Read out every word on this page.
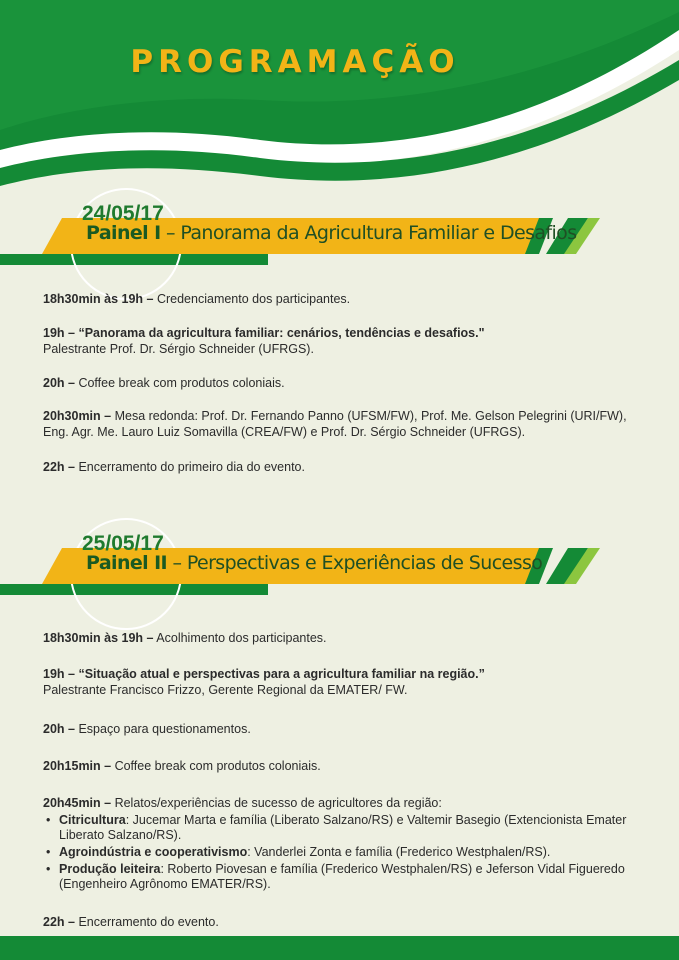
PROGRAMAÇÃO
24/05/17
Painel I – Panorama da Agricultura Familiar e Desafios
18h30min às 19h – Credenciamento dos participantes.
19h – “Panorama da agricultura familiar: cenários, tendências e desafios."
Palestrante Prof. Dr. Sérgio Schneider (UFRGS).
20h – Coffee break com produtos coloniais.
20h30min – Mesa redonda: Prof. Dr. Fernando Panno (UFSM/FW), Prof. Me. Gelson Pelegrini (URI/FW), Eng. Agr. Me. Lauro Luiz Somavilla (CREA/FW) e Prof. Dr. Sérgio Schneider (UFRGS).
22h – Encerramento do primeiro dia do evento.
25/05/17
Painel II – Perspectivas e Experiências de Sucesso
18h30min às 19h – Acolhimento dos participantes.
19h – “Situação atual e perspectivas para a agricultura familiar na região.”
Palestrante Francisco Frizzo, Gerente Regional da EMATER/ FW.
20h – Espaço para questionamentos.
20h15min – Coffee break com produtos coloniais.
20h45min – Relatos/experiências de sucesso de agricultores da região:
• Citricultura: Jucemar Marta e família (Liberato Salzano/RS) e Valtemir Basegio (Extencionista Emater Liberato Salzano/RS).
• Agroindústria e cooperativismo: Vanderlei Zonta e família (Frederico Westphalen/RS).
• Produção leiteira: Roberto Piovesan e família (Frederico Westphalen/RS) e Jeferson Vidal Figueredo (Engenheiro Agrônomo EMATER/RS).
22h – Encerramento do evento.
